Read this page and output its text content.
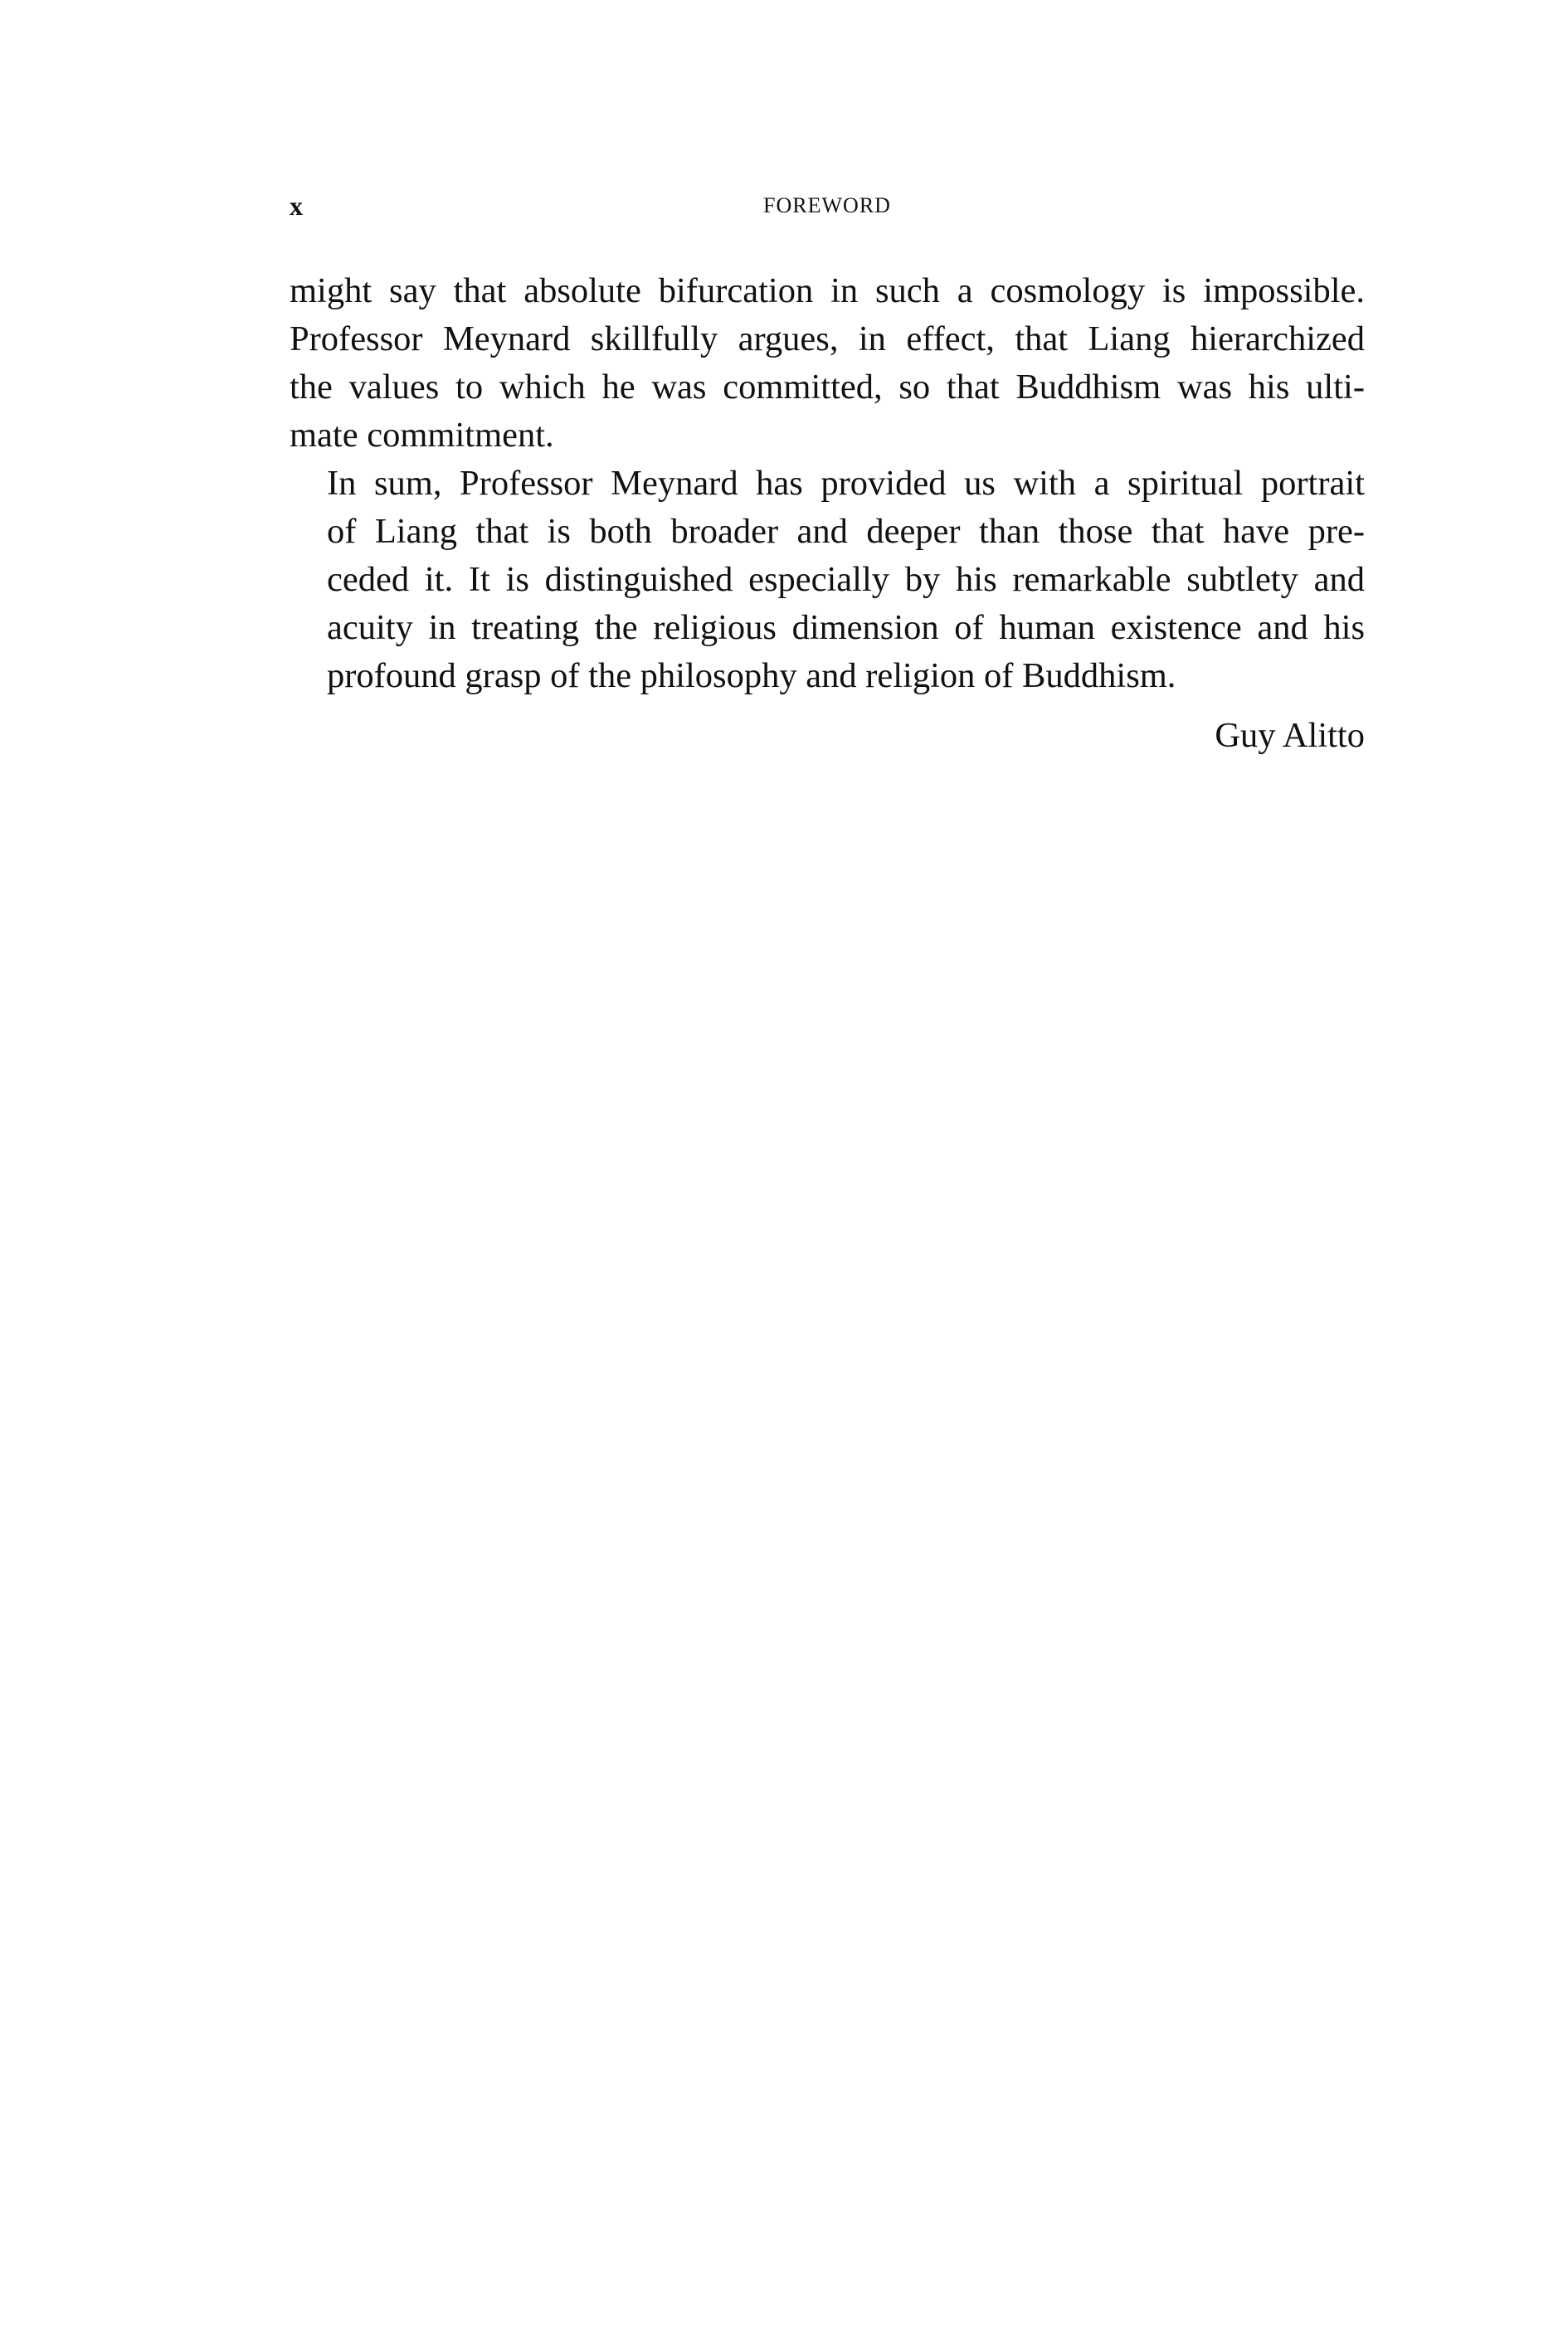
x	FOREWORD

might say that absolute bifurcation in such a cosmology is impossible.
Professor Meynard skillfully argues, in effect, that Liang hierarchized
the values to which he was committed, so that Buddhism was his ulti-
mate commitment.

In sum, Professor Meynard has provided us with a spiritual portrait
of Liang that is both broader and deeper than those that have pre-
ceded it. It is distinguished especially by his remarkable subtlety and
acuity in treating the religious dimension of human existence and his
profound grasp of the philosophy and religion of Buddhism.

Guy Alitto
